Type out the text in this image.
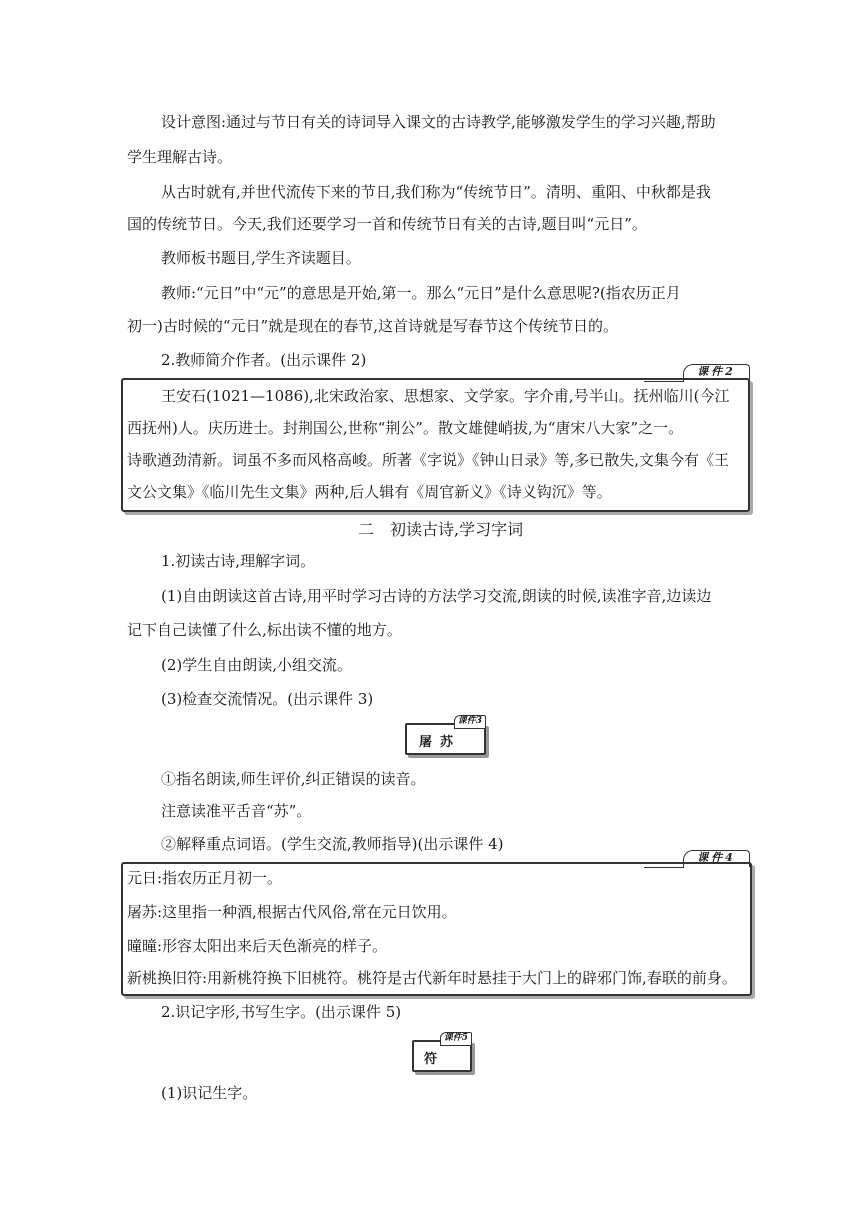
设计意图:通过与节日有关的诗词导入课文的古诗教学,能够激发学生的学习兴趣,帮助
学生理解古诗。
从古时就有,并世代流传下来的节日,我们称为“传统节日”。清明、重阳、中秋都是我
国的传统节日。今天,我们还要学习一首和传统节日有关的古诗,题目叫“元日”。
教师板书题目,学生齐读题目。
教师:“元日”中“元”的意思是开始,第一。那么“元日”是什么意思呢?(指农历正月
初一)古时候的“元日”就是现在的春节,这首诗就是写春节这个传统节日的。
2.教师简介作者。(出示课件 2)
课件2
王安石(1021—1086),北宋政治家、思想家、文学家。字介甫,号半山。抚州临川(今江
西抚州)人。庆历进士。封荆国公,世称“荆公”。散文雄健峭拔,为“唐宋八大家”之一。
诗歌遒劲清新。词虽不多而风格高峻。所著《字说》《钟山日录》等,多已散失,文集今有《王
文公文集》《临川先生文集》两种,后人辑有《周官新义》《诗义钩沉》等。
二　初读古诗,学习字词
1.初读古诗,理解字词。
(1)自由朗读这首古诗,用平时学习古诗的方法学习交流,朗读的时候,读准字音,边读边
记下自己读懂了什么,标出读不懂的地方。
(2)学生自由朗读,小组交流。
(3)检查交流情况。(出示课件 3)
课件3
屠苏
①指名朗读,师生评价,纠正错误的读音。
注意读准平舌音“苏”。
②解释重点词语。(学生交流,教师指导)(出示课件 4)
课件4
元日:指农历正月初一。
屠苏:这里指一种酒,根据古代风俗,常在元日饮用。
曈曈:形容太阳出来后天色渐亮的样子。
新桃换旧符:用新桃符换下旧桃符。桃符是古代新年时悬挂于大门上的辟邪门饰,春联的前身。
2.识记字形,书写生字。(出示课件 5)
课件5
符
(1)识记生字。
